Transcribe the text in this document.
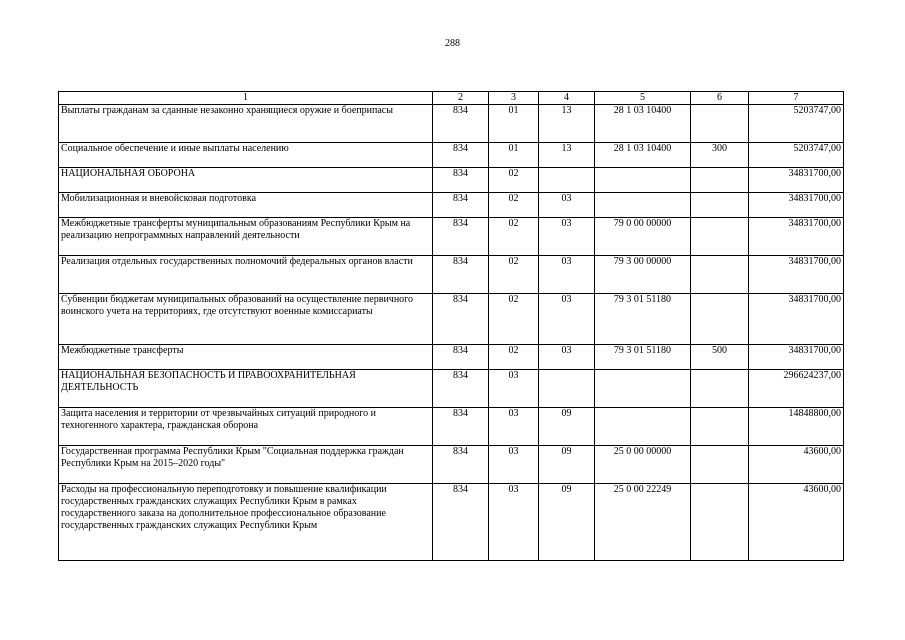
288
1	2	3	4	5	6	7
Выплаты гражданам за сданные незаконно хранящиеся оружие и боеприпасы	834	01	13	28 1 03 10400		5203747,00
Социальное обеспечение и иные выплаты населению	834	01	13	28 1 03 10400	300	5203747,00
НАЦИОНАЛЬНАЯ ОБОРОНА	834	02				34831700,00
Мобилизационная и вневойсковая подготовка	834	02	03			34831700,00
Межбюджетные трансферты муниципальным образованиям Республики Крым на реализацию непрограммных направлений деятельности	834	02	03	79 0 00 00000		34831700,00
Реализация отдельных государственных полномочий федеральных органов власти	834	02	03	79 3 00 00000		34831700,00
Субвенции бюджетам муниципальных образований на осуществление первичного воинского учета на территориях, где отсутствуют военные комиссариаты	834	02	03	79 3 01 51180		34831700,00
Межбюджетные трансферты	834	02	03	79 3 01 51180	500	34831700,00
НАЦИОНАЛЬНАЯ БЕЗОПАСНОСТЬ И ПРАВООХРАНИТЕЛЬНАЯ ДЕЯТЕЛЬНОСТЬ	834	03				296624237,00
Защита населения и территории от чрезвычайных ситуаций природного и техногенного характера, гражданская оборона	834	03	09			14848800,00
Государственная программа Республики Крым "Социальная поддержка граждан Республики Крым на 2015–2020 годы"	834	03	09	25 0 00 00000		43600,00
Расходы на профессиональную переподготовку и повышение квалификации государственных гражданских служащих Республики Крым в рамках государственного заказа на дополнительное профессиональное образование государственных гражданских служащих Республики Крым	834	03	09	25 0 00 22249		43600,00
